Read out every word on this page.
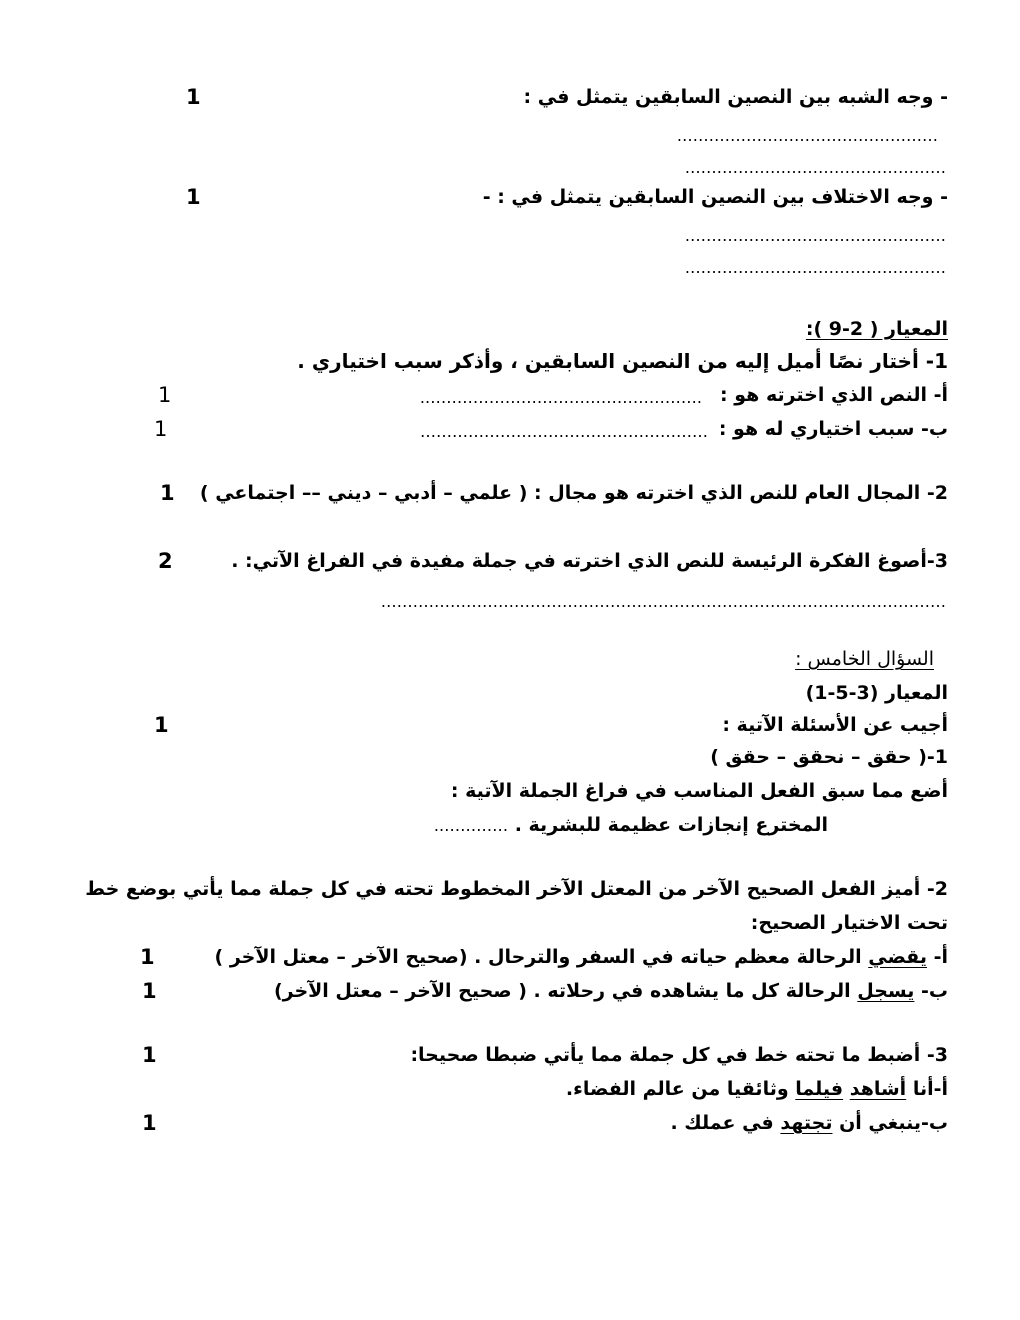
- وجه الشبه بين النصين السابقين يتمثل في :
1
………………………………………….
………………………………………….
- وجه الاختلاف بين النصين السابقين يتمثل في : -
1
………………………………………….
………………………………………….
المعيار ( 2-9 ):
1- أختار نصًا أميل إليه من النصين السابقين ، وأذكر سبب اختياري .
أ- النص الذي اخترته هو :
.…………………………………………….
1
ب- سبب اختياري له هو :
………………………………………………
1
2- المجال العام للنص الذي اخترته هو مجال : ( علمي – أدبي – ديني –– اجتماعي )
1
3-أصوغ الفكرة الرئيسة للنص الذي اخترته في جملة مفيدة في الفراغ الآتي: .
2
…………………………………………………………………………………………….
السؤال الخامس :
المعيار (3-5-1)
أجيب عن الأسئلة الآتية :
1
1-( حقق – نحقق – حقق )
أضع مما سبق الفعل المناسب في فراغ الجملة الآتية :
المخترع إنجازات عظيمة للبشرية . …………..
2- أميز الفعل الصحيح الآخر من المعتل الآخر المخطوط تحته في كل جملة مما يأتي بوضع خط
تحت الاختيار الصحيح:
أ- يقضي الرحالة معظم حياته في السفر والترحال . (صحيح الآخر – معتل الآخر )
1
ب- يسجل الرحالة كل ما يشاهده في رحلاته . ( صحيح الآخر – معتل الآخر)
1
3- أضبط ما تحته خط في كل جملة مما يأتي ضبطا صحيحا:
1
أ-أنا أشاهد فيلما وثائقيا من عالم الفضاء.
ب-ينبغي أن تجتهد في عملك .
1
